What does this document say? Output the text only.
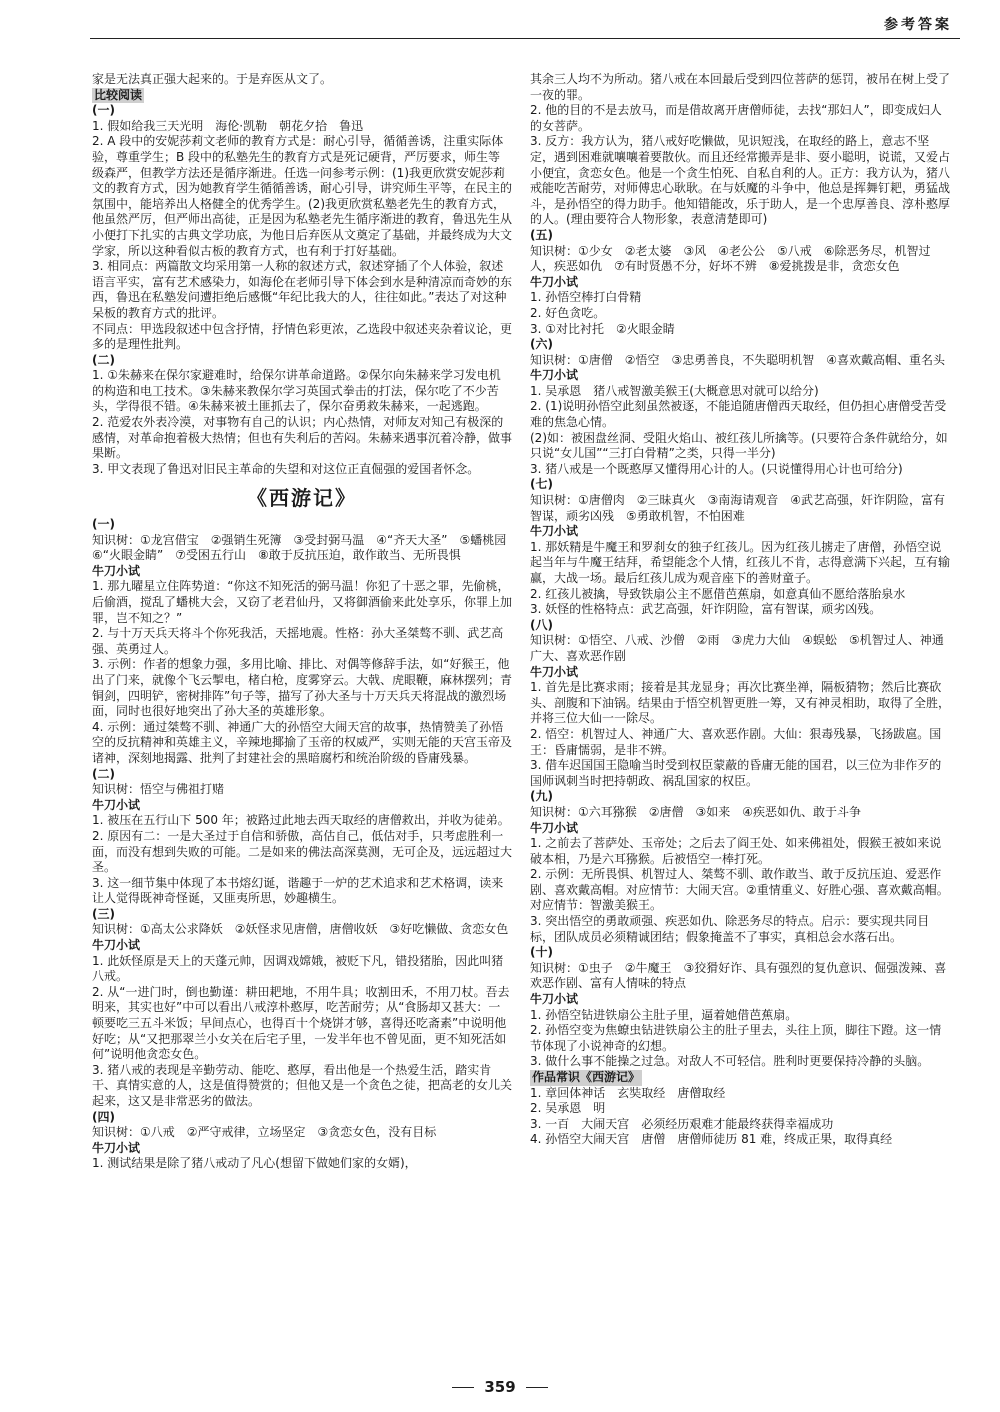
参考答案

家是无法真正强大起来的。于是弃医从文了。

比较阅读

(一)

1. 假如给我三天光明　海伦·凯勒　朝花夕拾　鲁迅

2. A 段中的安妮莎莉文老师的教育方式是：耐心引导，循循善诱，注重实际体验，尊重学生；B 段中的私塾先生的教育方式是死记硬背，严厉要求，师生等级森严，但教学方法还是循序渐进。任选一问参考示例：(1)我更欣赏安妮莎莉文的教育方式，因为她教育学生循循善诱，耐心引导，讲究师生平等，在民主的氛围中，能培养出人格健全的优秀学生。(2)我更欣赏私塾老先生的教育方式，他虽然严厉，但严师出高徒，正是因为私塾老先生循序渐进的教育，鲁迅先生从小便打下扎实的古典文学功底，为他日后弃医从文奠定了基础，并最终成为大文学家，所以这种看似古板的教育方式，也有利于打好基础。

3. 相同点：两篇散文均采用第一人称的叙述方式，叙述穿插了个人体验，叙述语言平实，富有艺术感染力，如海伦在老师引导下体会到水是种清凉而奇妙的东西，鲁迅在私塾发问遭拒绝后感慨“年纪比我大的人，往往如此。”表达了对这种呆板的教育方式的批评。

不同点：甲选段叙述中包含抒情，抒情色彩更浓，乙选段中叙述夹杂着议论，更多的是理性批判。

(二)

1. ①朱赫来在保尔家避难时，给保尔讲革命道路。②保尔向朱赫来学习发电机的构造和电工技术。③朱赫来教保尔学习英国式拳击的打法，保尔吃了不少苦头，学得很不错。④朱赫来被土匪抓去了，保尔奋勇救朱赫来，一起逃跑。

2. 范爱农外表冷漠，对事物有自己的认识；内心热情，对师友对知己有极深的感情，对革命抱着极大热情；但也有失利后的苦闷。朱赫来遇事沉着冷静，做事果断。

3. 甲文表现了鲁迅对旧民主革命的失望和对这位正直倔强的爱国者怀念。

《西游记》

(一)

知识树：①龙宫借宝　②强销生死簿　③受封弼马温　④“齐天大圣”　⑤蟠桃园　⑥“火眼金睛”　⑦受困五行山　⑧敢于反抗压迫，敢作敢当、无所畏惧

牛刀小试

1. 那九曜星立住阵势道：“你这不知死活的弼马温！你犯了十恶之罪，先偷桃，后偷酒，搅乱了蟠桃大会，又窃了老君仙丹，又将御酒偷来此处享乐，你罪上加罪，岂不知之？”

2. 与十万天兵天将斗个你死我活，天摇地震。性格：孙大圣桀骜不驯、武艺高强、英勇过人。

3. 示例：作者的想象力强，多用比喻、排比、对偶等修辞手法，如“好猴王，他出了门来，就像个飞云掣电，楮白枪，度雾穿云。大戟、虎眼鞭，麻林摆列；青铜剑，四明铲，密树排阵”句子等，描写了孙大圣与十万天兵天将混战的激烈场面，同时也很好地突出了孙大圣的英雄形象。

4. 示例：通过桀骜不驯、神通广大的孙悟空大闹天宫的故事，热情赞美了孙悟空的反抗精神和英雄主义，辛辣地揶揄了玉帝的权威严，实则无能的天宫玉帝及诸神，深刻地揭露、批判了封建社会的黑暗腐朽和统治阶级的昏庸残暴。

(二)

知识树：悟空与佛祖打赌

牛刀小试

1. 被压在五行山下 500 年；被路过此地去西天取经的唐僧救出，并收为徒弟。

2. 原因有二：一是大圣过于自信和骄傲，高估自己，低估对手，只考虑胜利一面，而没有想到失败的可能。二是如来的佛法高深莫测，无可企及，远远超过大圣。

3. 这一细节集中体现了本书熔幻诞，谐趣于一炉的艺术追求和艺术格调，读来让人觉得既神奇怪诞，又匪夷所思，妙趣横生。

(三)

知识树：①高太公求降妖　②妖怪求见唐僧，唐僧收妖　③好吃懒做、贪恋女色

牛刀小试

1. 此妖怪原是天上的天蓬元帅，因调戏嫦娥，被贬下凡，错投猪胎，因此叫猪八戒。

2. 从“一进门时，倒也勤谨：耕田耙地，不用牛具；收割田禾，不用刀杖。吾去明来，其实也好”中可以看出八戒淳朴憨厚，吃苦耐劳；从“食肠却又甚大：一顿要吃三五斗米饭；早间点心，也得百十个烧饼才够，喜得还吃斋素”中说明他好吃；从“又把那翠兰小女关在后宅子里，一发半年也不曾见面，更不知死活如何”说明他贪恋女色。

3. 猪八戒的表现是辛勤劳动、能吃、憨厚，看出他是一个热爱生活，踏实肯干、真情实意的人，这是值得赞赏的；但他又是一个贪色之徒，把高老的女儿关起来，这又是非常恶劣的做法。

(四)

知识树：①八戒　②严守戒律，立场坚定　③贪恋女色，没有目标

牛刀小试

1. 测试结果是除了猪八戒动了凡心(想留下做她们家的女婿)，

其余三人均不为所动。猪八戒在本回最后受到四位菩萨的惩罚，被吊在树上受了一夜的罪。

2. 他的目的不是去放马，而是借故离开唐僧师徒，去找“那妇人”，即变成妇人的女菩萨。

3. 反方：我方认为，猪八戒好吃懒做，见识短浅，在取经的路上，意志不坚定，遇到困难就嚷嚷着要散伙。而且还经常搬弄是非、耍小聪明，说谎，又爱占小便宜，贪恋女色。他是一个贪生怕死、自私自利的人。正方：我方认为，猪八戒能吃苦耐劳，对师傅忠心耿耿。在与妖魔的斗争中，他总是挥舞钉耙，勇猛战斗，是孙悟空的得力助手。他知错能改，乐于助人，是一个忠厚善良、淳朴憨厚的人。(理由要符合人物形象，表意清楚即可)

(五)

知识树：①少女　②老太婆　③风　④老公公　⑤八戒　⑥除恶务尽，机智过人，疾恶如仇　⑦有时贤愚不分，好坏不辨　⑧爱挑拨是非，贪恋女色

牛刀小试

1. 孙悟空棒打白骨精

2. 好色贪吃。

3. ①对比衬托　②火眼金睛

(六)

知识树：①唐僧　②悟空　③忠勇善良，不失聪明机智　④喜欢戴高帽、重名头

牛刀小试

1. 吴承恩　猪八戒智激美猴王(大概意思对就可以给分)

2. (1)说明孙悟空此刻虽然被逐，不能追随唐僧西天取经，但仍担心唐僧受苦受难的焦急心情。

(2)如：被困盘丝洞、受阻火焰山、被红孩儿所擒等。(只要符合条件就给分，如只说“女儿国”“三打白骨精”之类，只得一半分)

3. 猪八戒是一个既憨厚又懂得用心计的人。(只说懂得用心计也可给分)

(七)

知识树：①唐僧肉　②三昧真火　③南海请观音　④武艺高强，奸诈阴险，富有智谋，顽劣凶残　⑤勇敢机智，不怕困难

牛刀小试

1. 那妖精是牛魔王和罗刹女的独子红孩儿。因为红孩儿掳走了唐僧，孙悟空说起当年与牛魔王结拜，希望能念个人情，红孩儿不肯，志得意满下兴起，互有输赢，大战一场。最后红孩儿成为观音座下的善财童子。

2. 红孩儿被擒，导致铁扇公主不愿借芭蕉扇，如意真仙不愿给落胎泉水

3. 妖怪的性格特点：武艺高强，奸诈阴险，富有智谋，顽劣凶残。

(八)

知识树：①悟空、八戒、沙僧　②雨　③虎力大仙　④蜈蚣　⑤机智过人、神通广大、喜欢恶作剧

牛刀小试

1. 首先是比赛求雨；接着是其龙显身；再次比赛坐禅，隔板猜物；然后比赛砍头、剖腹和下油锅。结果由于悟空机智更胜一筹，又有神灵相助，取得了全胜，并将三位大仙一一除尽。

2. 悟空：机智过人、神通广大、喜欢恶作剧。大仙：狠毒残暴，飞扬跋扈。国王：昏庸懦弱，是非不辨。

3. 借车迟国国王隐喻当时受到权臣蒙蔽的昏庸无能的国君，以三位为非作歹的国师讽刺当时把持朝政、祸乱国家的权臣。

(九)

知识树：①六耳猕猴　②唐僧　③如来　④疾恶如仇、敢于斗争

牛刀小试

1. 之前去了菩萨处、玉帝处；之后去了阎王处、如来佛祖处，假猴王被如来说破本相，乃是六耳猕猴。后被悟空一棒打死。

2. 示例：无所畏惧、机智过人、桀骜不驯、敢作敢当、敢于反抗压迫、爱恶作剧、喜欢戴高帽。对应情节：大闹天宫。②重情重义、好胜心强、喜欢戴高帽。对应情节：智激美猴王。

3. 突出悟空的勇敢顽强、疾恶如仇、除恶务尽的特点。启示：要实现共同目标，团队成员必须精诚团结；假象掩盖不了事实，真相总会水落石出。

(十)

知识树：①虫子　②牛魔王　③狡猾好诈、具有强烈的复仇意识、倔强泼辣、喜欢恶作剧、富有人情味的特点

牛刀小试

1. 孙悟空钻进铁扇公主肚子里，逼着她借芭蕉扇。

2. 孙悟空变为焦蟟虫钻进铁扇公主的肚子里去，头往上顶，脚往下蹬。这一情节体现了小说神奇的幻想。

3. 做什么事不能操之过急。对敌人不可轻信。胜利时更要保持冷静的头脑。

作品常识《西游记》

1. 章回体神话　玄奘取经　唐僧取经

2. 吴承恩　明

3. 一百　大闹天宫　必须经历艰难才能最终获得幸福成功

4. 孙悟空大闹天宫　唐僧　唐僧师徒历 81 难，终成正果，取得真经

359
